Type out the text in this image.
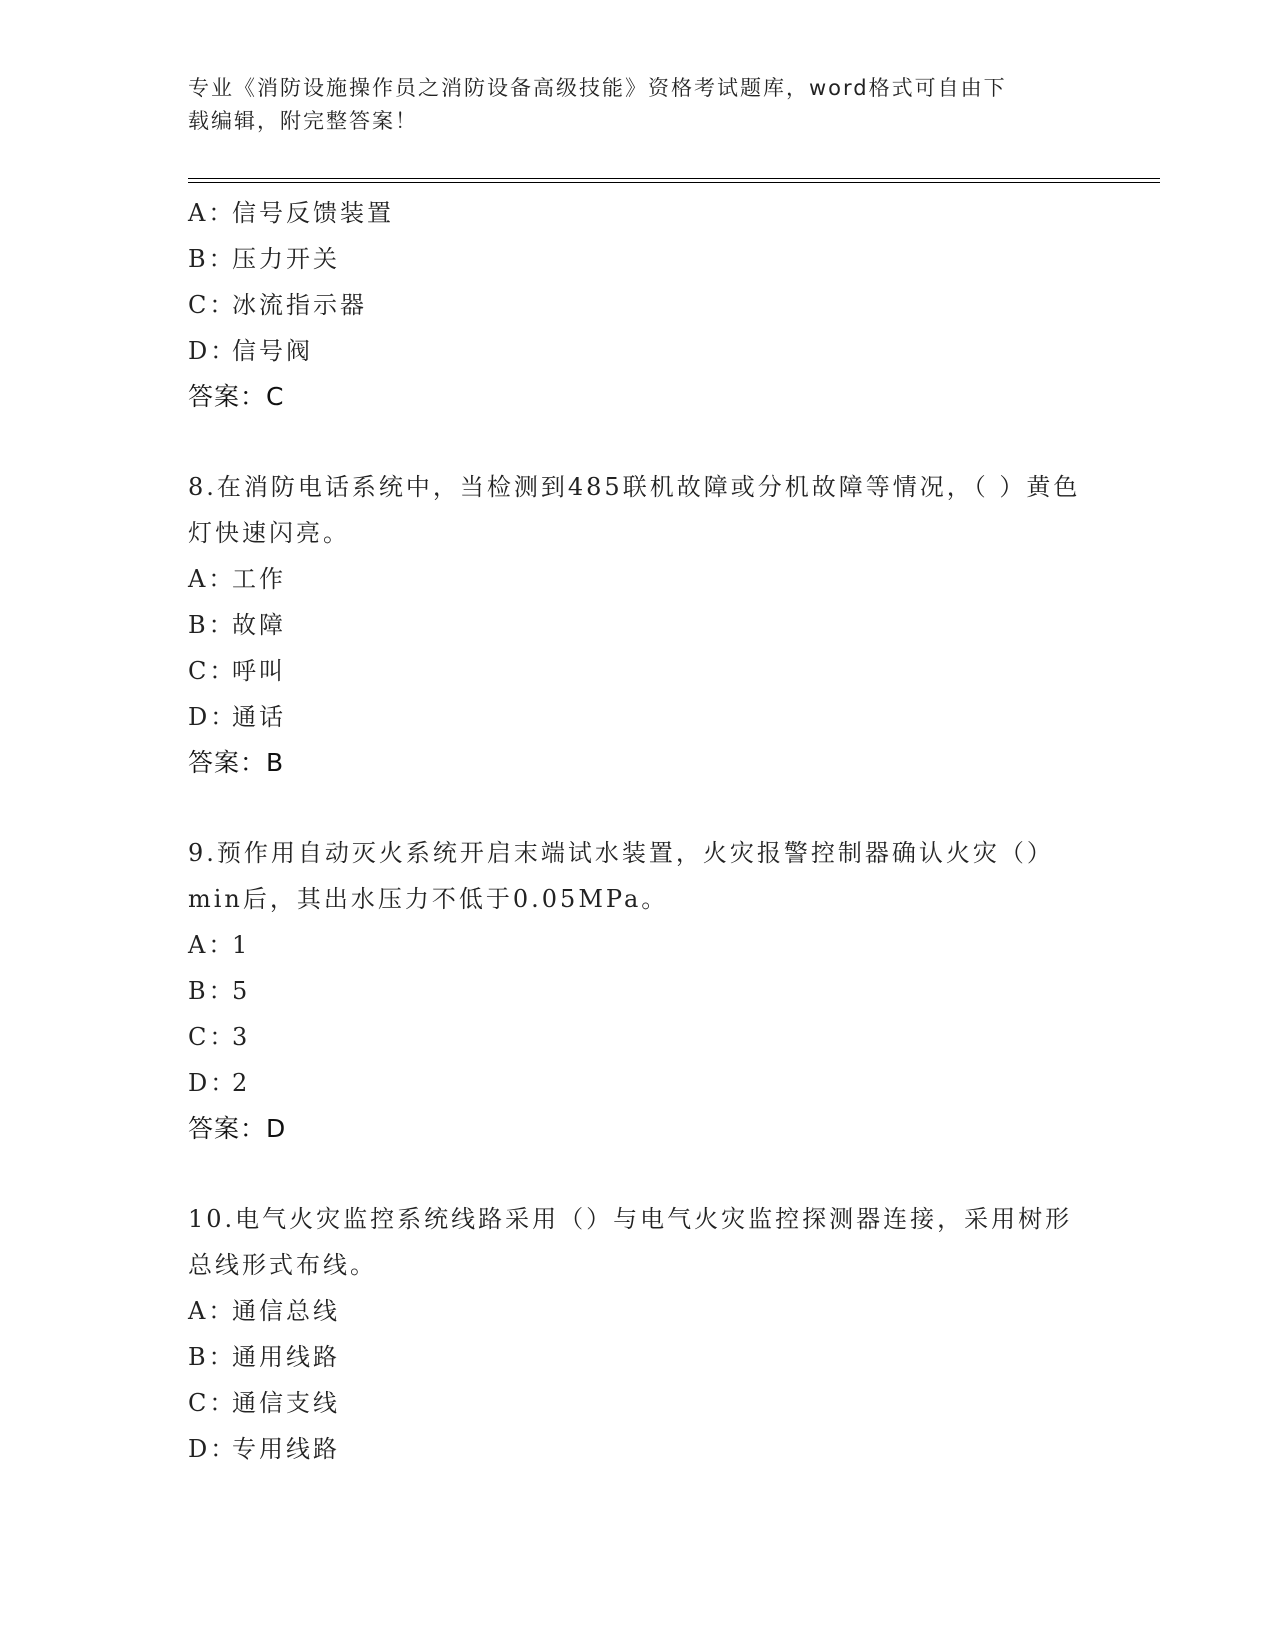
专业《消防设施操作员之消防设备高级技能》资格考试题库，word格式可自由下
载编辑，附完整答案！
A：信号反馈装置
B：压力开关
C：冰流指示器
D：信号阀
答案：C
8.在消防电话系统中，当检测到485联机故障或分机故障等情况，（ ）黄色灯快速闪亮。
A：工作
B：故障
C：呼叫
D：通话
答案：B
9.预作用自动灭火系统开启末端试水装置，火灾报警控制器确认火灾（）min后，其出水压力不低于0.05MPa。
A：1
B：5
C：3
D：2
答案：D
10.电气火灾监控系统线路采用（）与电气火灾监控探测器连接，采用树形总线形式布线。
A：通信总线
B：通用线路
C：通信支线
D：专用线路
